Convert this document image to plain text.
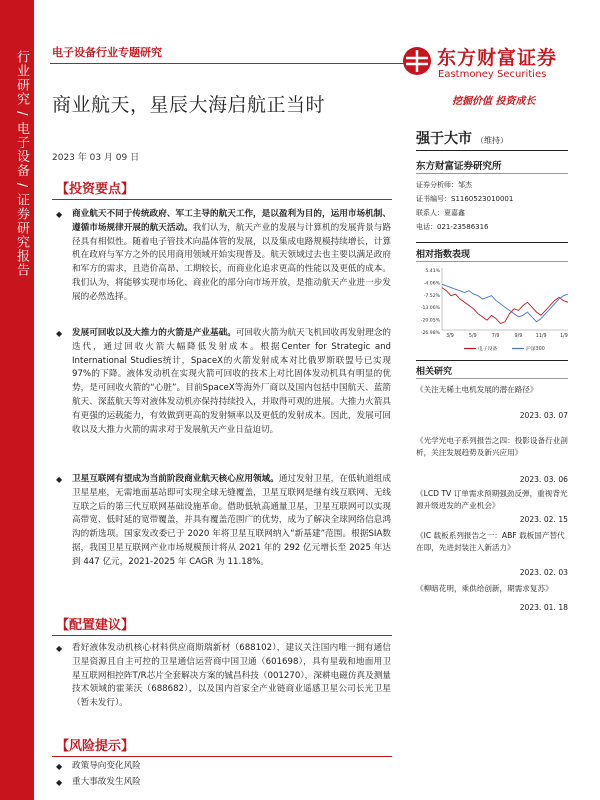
行业研究 / 电子设备 / 证券研究报告	电子设备行业专题研究	东方财富证券
Eastmoney Securities
挖掘价值 投资成长
商业航天，星辰大海启航正当时
2023 年 03 月 09 日
【投资要点】
◆	商业航天不同于传统政府、军工主导的航天工作，是以盈利为目的，运用市场机制、遵循市场规律开展的航天活动。我们认为，航天产业的发展与计算机的发展背景与路径具有相似性。随着电子管技术向晶体管的发展，以及集成电路规模持续增长，计算机在政府与军方之外的民用商用领域开始实现普及。航天领域过去也主要以满足政府和军方的需求，且造价高昂、工期较长，而商业化追求更高的性能以及更低的成本。我们认为，将能够实现市场化、商业化的部分向市场开放，是推动航天产业进一步发展的必然选择。
◆	发展可回收以及大推力的火箭是产业基础。可回收火箭为航天飞机回收再发射理念的迭代，通过回收火箭大幅降低发射成本。根据Center for Strategic and International Studies统计，SpaceX的火箭发射成本对比俄罗斯联盟号已实现97%的下降。液体发动机在实现火箭可回收的技术上对比固体发动机具有明显的优势，是可回收火箭的“心脏”。目前SpaceX等海外厂商以及国内包括中国航天、蓝箭航天、深蓝航天等对液体发动机亦保持持续投入，并取得可观的进展。大推力火箭具有更强的运载能力，有效做到更高的发射频率以及更低的发射成本。因此，发展可回收以及大推力火箭的需求对于发展航天产业日益迫切。
◆	卫星互联网有望成为当前阶段商业航天核心应用领域。通过发射卫星，在低轨道组成卫星星座，无需地面基站即可实现全球无缝覆盖，卫星互联网是继有线互联网、无线互联之后的第三代互联网基础设施革命。借助低轨高通量卫星，卫星互联网可以实现高带宽、低时延的宽带覆盖，并具有覆盖范围广的优势，成为了解决全球网络信息鸿沟的新选项。国家发改委已于 2020 年将卫星互联网纳入“新基建”范围。根据SIA数据，我国卫星互联网产业市场规模预计将从 2021 年的 292 亿元增长至 2025 年达到 447 亿元，2021-2025 年 CAGR 为 11.18%。
【配置建议】
◆	看好液体发动机核心材料供应商斯瑞新材（688102），建议关注国内唯一拥有通信卫星资源且自主可控的卫星通信运营商中国卫通（601698），具有星载和地面用卫星互联网相控阵T/R芯片全套解决方案的铖昌科技（001270），深耕电磁仿真及测量技术领域的霍莱沃（688682），以及国内首家全产业链商业遥感卫星公司长光卫星（暂未发行）。
【风险提示】
◆	政策导向变化风险
◆	重大事故发生风险
强于大市 （维持）
东方财富证券研究所
证券分析师：邹杰
证书编号：S1160523010001
联系人：夏嘉鑫
电话：021-23586316
相对指数表现
5.41%
-4.06%
-7.52%
-13.06%
-20.05%
-26.98%
3/9	5/9	7/9	9/9	11/9	1/9
电子设备	沪深300
相关研究
《关注无稀土电机发展的潜在路径》
2023. 03. 07
《光学光电子系列报告之四：投影设备行业剖析，关注发展趋势及新兴应用》
2023. 03. 06
《LCD TV 订单需求预期强劲反弹，重视背光源升级进发的产业机会》
2023. 02. 15
《IC 载板系列报告之一：ABF 载板国产替代在即，先进封装注入新活力》
2023. 02. 03
《柳暗花明，乘供给创新，期需求复苏》
2023. 01. 18
